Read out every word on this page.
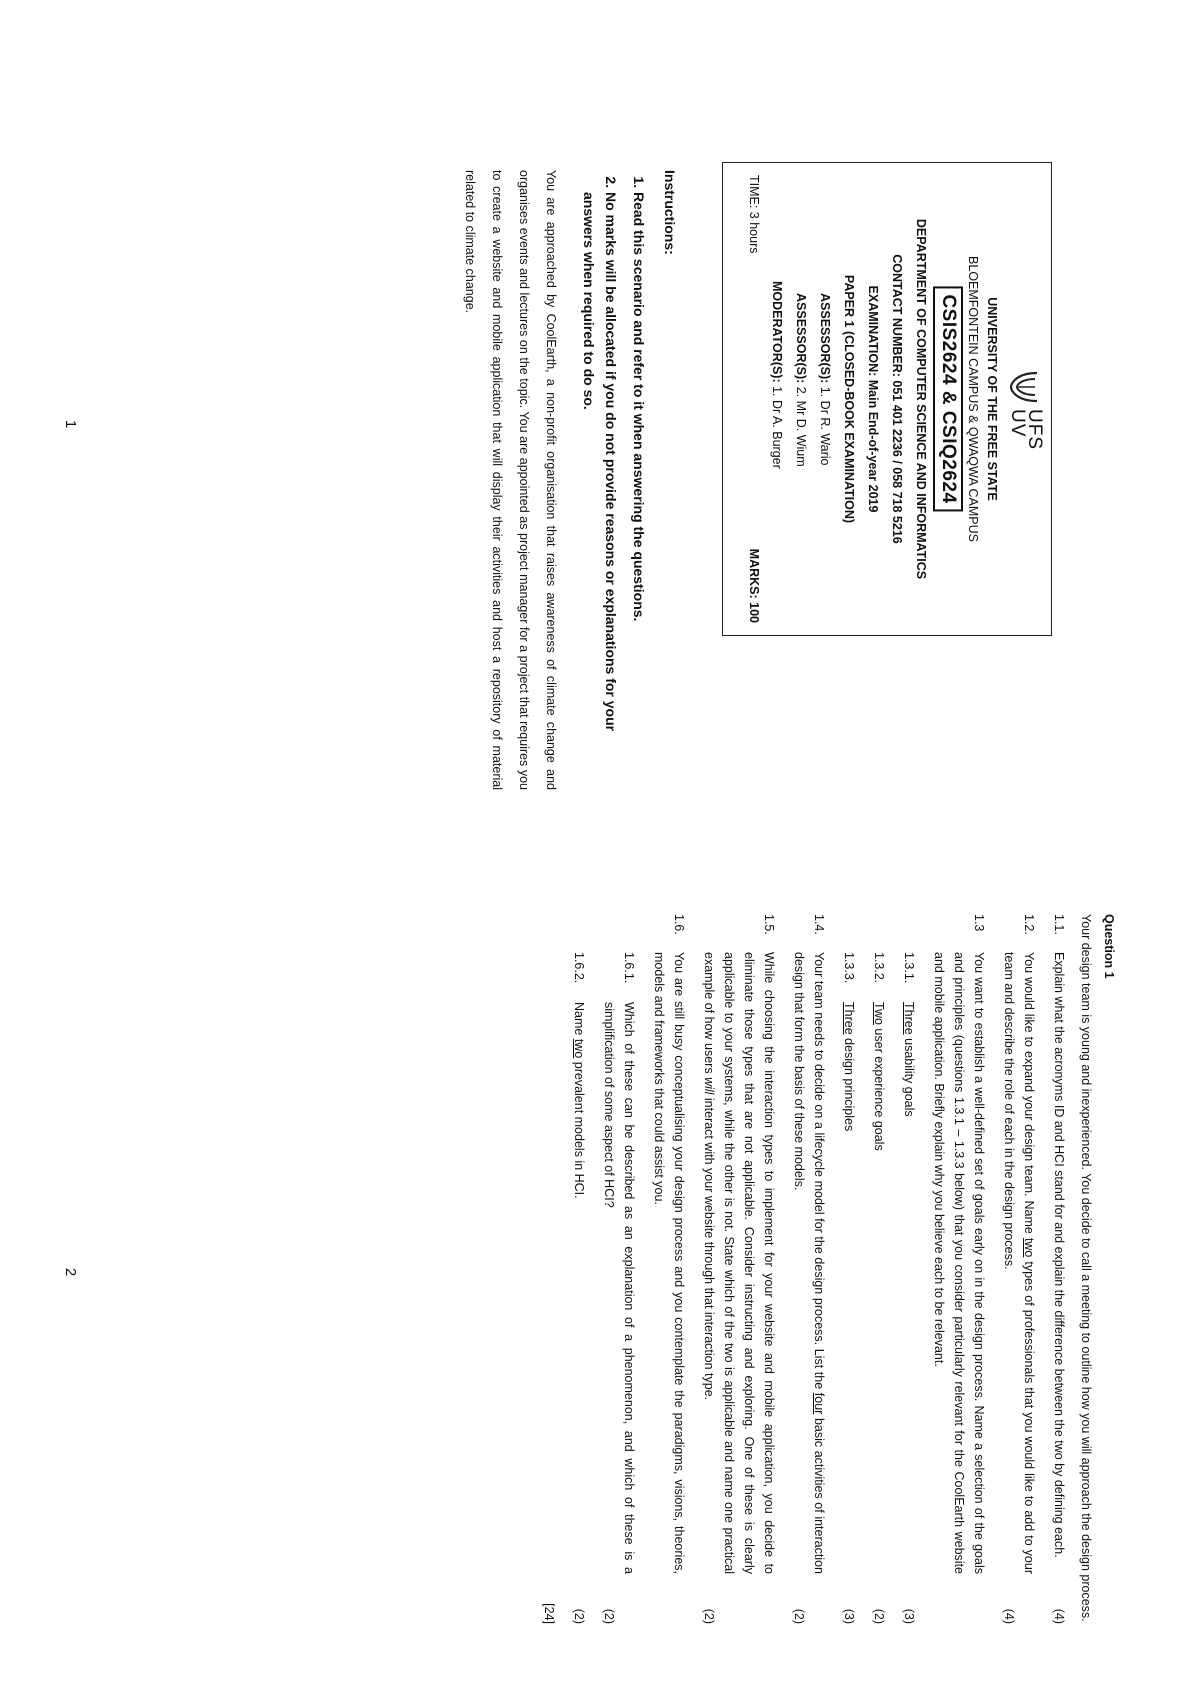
UFS
UV
UNIVERSITY OF THE FREE STATE
BLOEMFONTEIN CAMPUS & QWAQWA CAMPUS
CSIS2624 & CSIQ2624
DEPARTMENT OF COMPUTER SCIENCE AND INFORMATICS
CONTACT NUMBER: 051 401 2236 / 058 718 5216
EXAMINATION: Main End-of-year 2019
PAPER 1 (CLOSED-BOOK EXAMINATION)
ASSESSOR(S): 1. Dr R. Wario
ASSESSOR(S): 2. Mr D. Wium
MODERATOR(S): 1. Dr A. Burger
TIME: 3 hours
MARKS: 100
Instructions:
1. Read this scenario and refer to it when answering the questions.
2. No marks will be allocated if you do not provide reasons or explanations for your answers when required to do so.
You are approached by CoolEarth, a non-profit organisation that raises awareness of climate change and organises events and lectures on the topic. You are appointed as project manager for a project that requires you to create a website and mobile application that will display their activities and host a repository of material related to climate change.
1
Question 1
Your design team is young and inexperienced. You decide to call a meeting to outline how you will approach the design process.
1.1.
Explain what the acronyms ID and HCI stand for and explain the difference between the two by defining each.
(4)
1.2.
You would like to expand your design team. Name two types of professionals that you would like to add to your team and describe the role of each in the design process.
(4)
1.3
You want to establish a well-defined set of goals early on in the design process. Name a selection of the goals and principles (questions 1.3.1 – 1.3.3 below) that you consider particularly relevant for the CoolEarth website and mobile application. Briefly explain why you believe each to be relevant.
1.3.1.
Three usability goals
(3)
1.3.2.
Two user experience goals
(2)
1.3.3.
Three design principles
(3)
1.4.
Your team needs to decide on a lifecycle model for the design process. List the four basic activities of interaction design that form the basis of these models.
(2)
1.5.
While choosing the interaction types to implement for your website and mobile application, you decide to eliminate those types that are not applicable. Consider instructing and exploring. One of these is clearly applicable to your systems, while the other is not. State which of the two is applicable and name one practical example of how users will interact with your website through that interaction type.
(2)
1.6.
You are still busy conceptualising your design process and you contemplate the paradigms, visions, theories, models and frameworks that could assist you.
1.6.1.
Which of these can be described as an explanation of a phenomenon, and which of these is a simplification of some aspect of HCI?
(2)
1.6.2.
Name two prevalent models in HCI.
(2)
[24]
2
